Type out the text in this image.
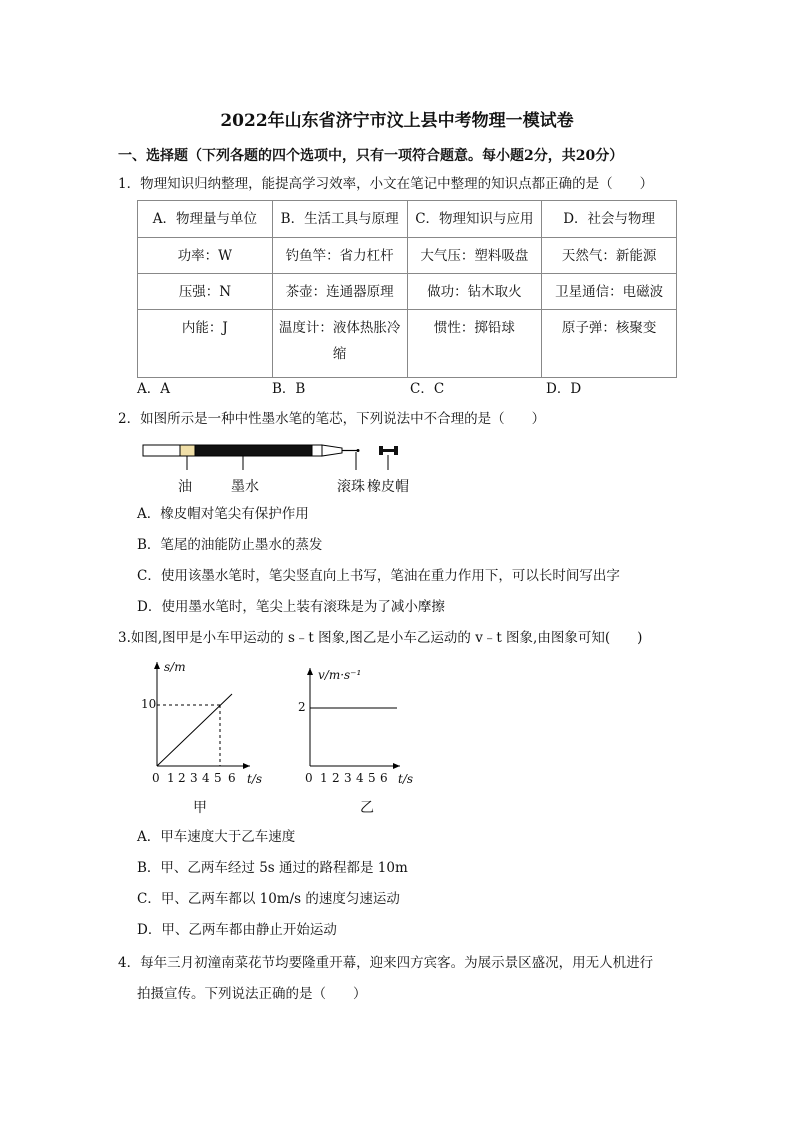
2022年山东省济宁市汶上县中考物理一模试卷
一、选择题（下列各题的四个选项中，只有一项符合题意。每小题2分，共20分）
1．物理知识归纳整理，能提高学习效率，小文在笔记中整理的知识点都正确的是（　　）
A．物理量与单位	B．生活工具与原理	C．物理知识与应用	D．社会与物理
功率：W	钓鱼竿：省力杠杆	大气压：塑料吸盘	天然气：新能源
压强：N	茶壶：连通器原理	做功：钻木取火	卫星通信：电磁波
内能：J	温度计：液体热胀冷缩	惯性：掷铅球	原子弹：核聚变
A．A	B．B	C．C	D．D
2．如图所示是一种中性墨水笔的笔芯，下列说法中不合理的是（　　）
油	墨水	滚珠 橡皮帽
A．橡皮帽对笔尖有保护作用
B．笔尾的油能防止墨水的蒸发
C．使用该墨水笔时，笔尖竖直向上书写，笔油在重力作用下，可以长时间写出字
D．使用墨水笔时，笔尖上装有滚珠是为了减小摩擦
3.如图,图甲是小车甲运动的 s﹣t 图象,图乙是小车乙运动的 v﹣t 图象,由图象可知(　　)
s/m
10
0 1 2 3 4 5 6 t/s
甲
v/m·s⁻¹
2
0 1 2 3 4 5 6 t/s
乙
A．甲车速度大于乙车速度
B．甲、乙两车经过 5s 通过的路程都是 10m
C．甲、乙两车都以 10m/s 的速度匀速运动
D．甲、乙两车都由静止开始运动
4．每年三月初潼南菜花节均要隆重开幕，迎来四方宾客。为展示景区盛况，用无人机进行
拍摄宣传。下列说法正确的是（　　）
